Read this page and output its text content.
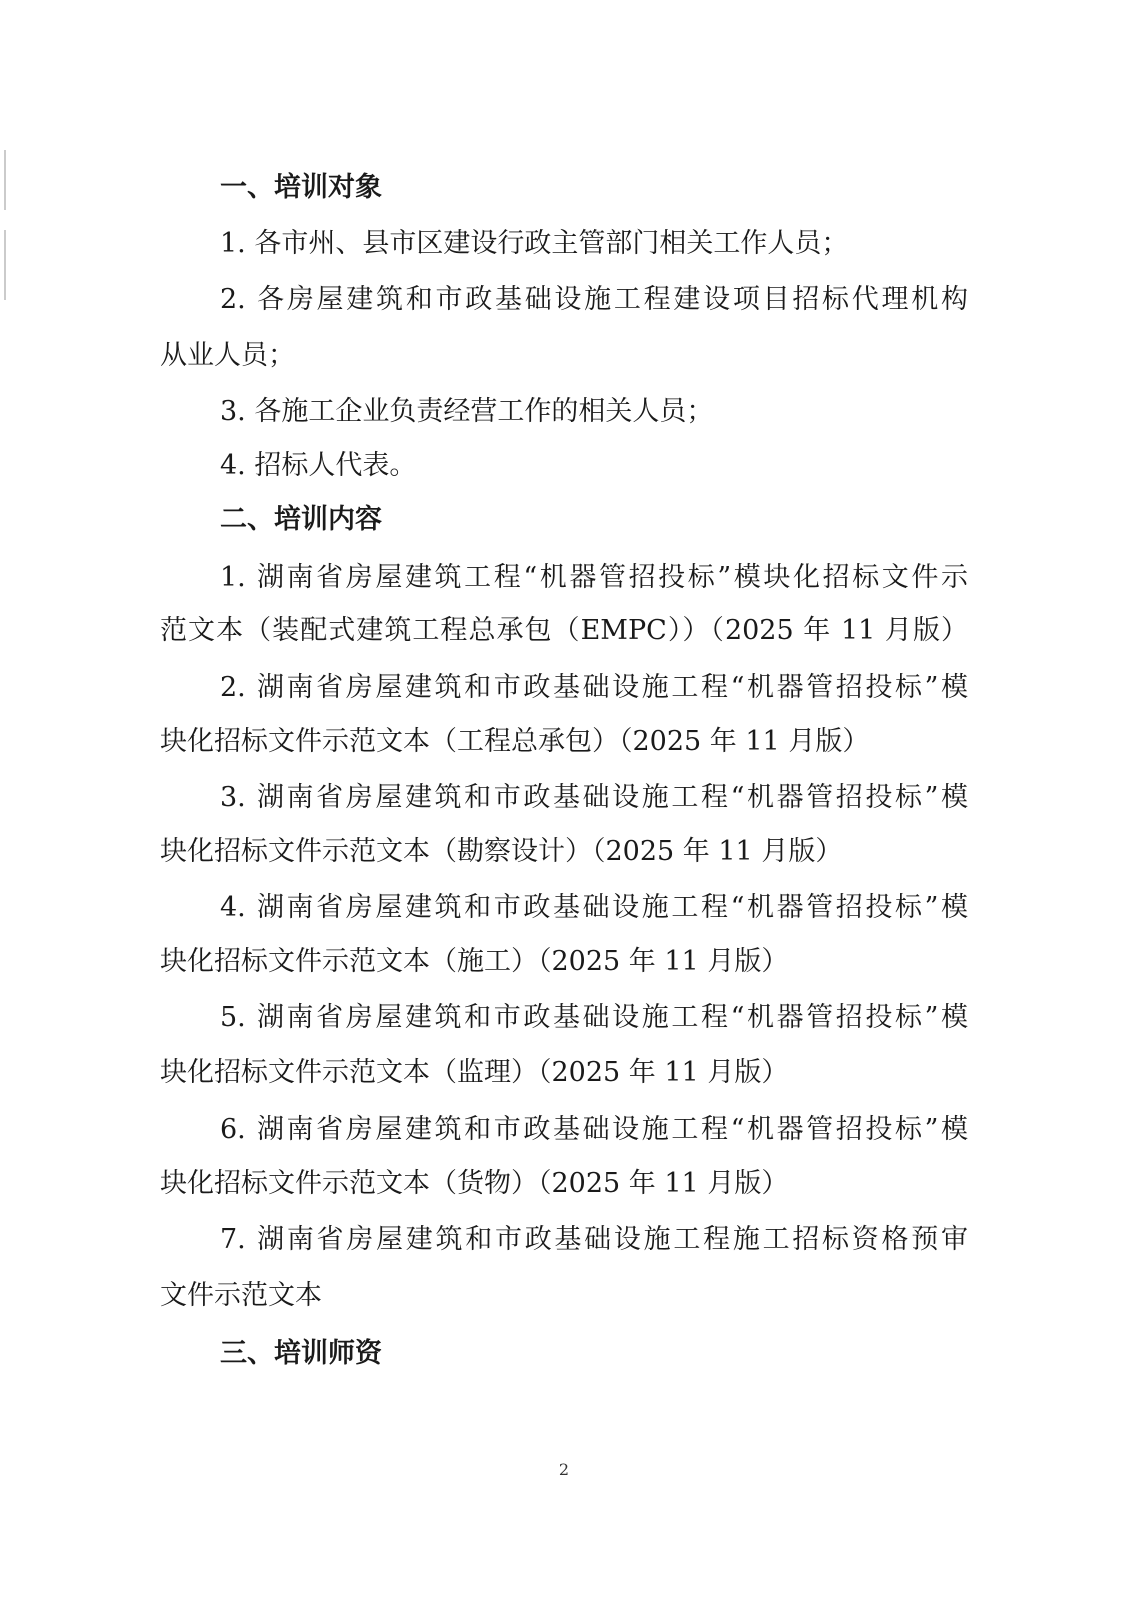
一、培训对象
1. 各市州、县市区建设行政主管部门相关工作人员；
2. 各房屋建筑和市政基础设施工程建设项目招标代理机构
从业人员；
3. 各施工企业负责经营工作的相关人员；
4. 招标人代表。
二、培训内容
1. 湖南省房屋建筑工程“机器管招投标”模块化招标文件示
范文本（装配式建筑工程总承包（EMPC））（2025 年 11 月版）
2. 湖南省房屋建筑和市政基础设施工程“机器管招投标”模
块化招标文件示范文本（工程总承包）（2025 年 11 月版）
3. 湖南省房屋建筑和市政基础设施工程“机器管招投标”模
块化招标文件示范文本（勘察设计）（2025 年 11 月版）
4. 湖南省房屋建筑和市政基础设施工程“机器管招投标”模
块化招标文件示范文本（施工）（2025 年 11 月版）
5. 湖南省房屋建筑和市政基础设施工程“机器管招投标”模
块化招标文件示范文本（监理）（2025 年 11 月版）
6. 湖南省房屋建筑和市政基础设施工程“机器管招投标”模
块化招标文件示范文本（货物）（2025 年 11 月版）
7. 湖南省房屋建筑和市政基础设施工程施工招标资格预审
文件示范文本
三、培训师资
2
